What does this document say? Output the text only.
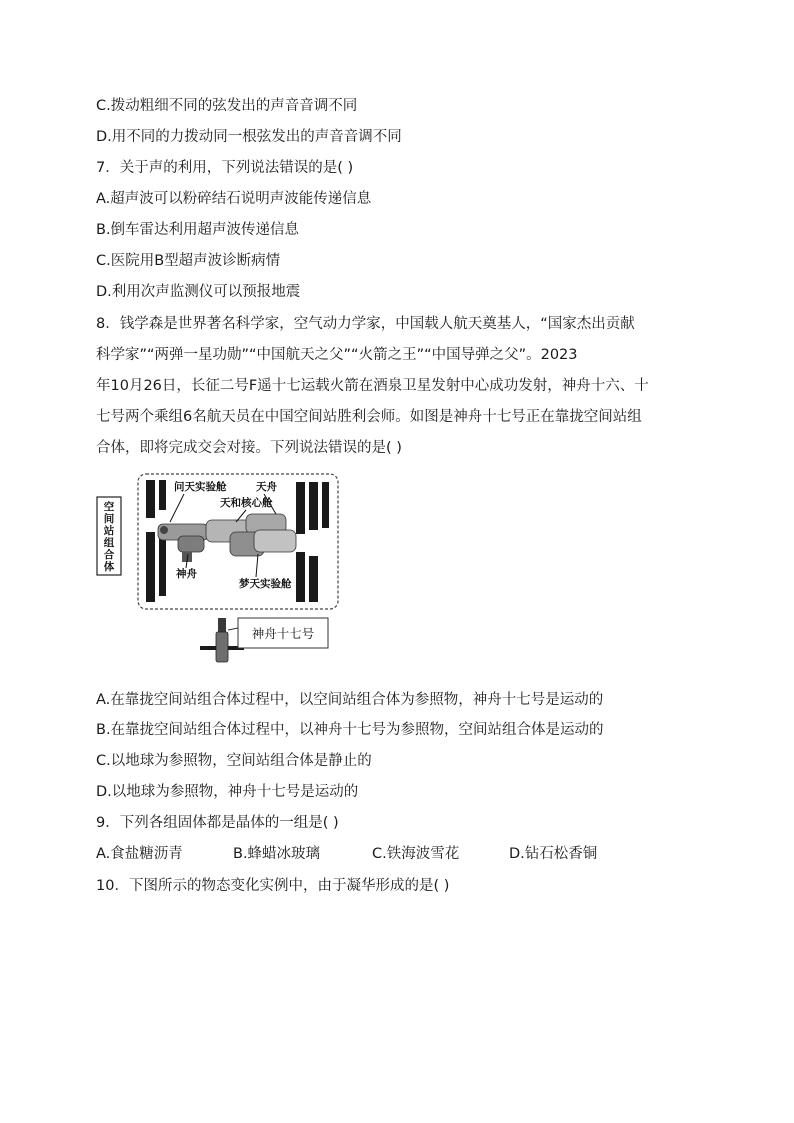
C.拨动粗细不同的弦发出的声音音调不同
D.用不同的力拨动同一根弦发出的声音音调不同
7．关于声的利用，下列说法错误的是( )
A.超声波可以粉碎结石说明声波能传递信息
B.倒车雷达利用超声波传递信息
C.医院用B型超声波诊断病情
D.利用次声监测仪可以预报地震
8．钱学森是世界著名科学家，空气动力学家，中国载人航天奠基人，“国家杰出贡献
科学家”“两弹一星功勋”“中国航天之父”“火箭之王”“中国导弹之父”。2023
年10月26日，长征二号F遥十七运载火箭在酒泉卫星发射中心成功发射，神舟十六、十
七号两个乘组6名航天员在中国空间站胜利会师。如图是神舟十七号正在靠拢空间站组
合体，即将完成交会对接。下列说法错误的是( )
空
间
站
组
合
体
问天实验舱	天舟
天和核心舱
神舟
梦天实验舱
神舟十七号
A.在靠拢空间站组合体过程中，以空间站组合体为参照物，神舟十七号是运动的
B.在靠拢空间站组合体过程中，以神舟十七号为参照物，空间站组合体是运动的
C.以地球为参照物，空间站组合体是静止的
D.以地球为参照物，神舟十七号是运动的
9．下列各组固体都是晶体的一组是( )
A.食盐糖沥青	B.蜂蜡冰玻璃	C.铁海波雪花	D.钻石松香铜
10．下图所示的物态变化实例中，由于凝华形成的是( )
